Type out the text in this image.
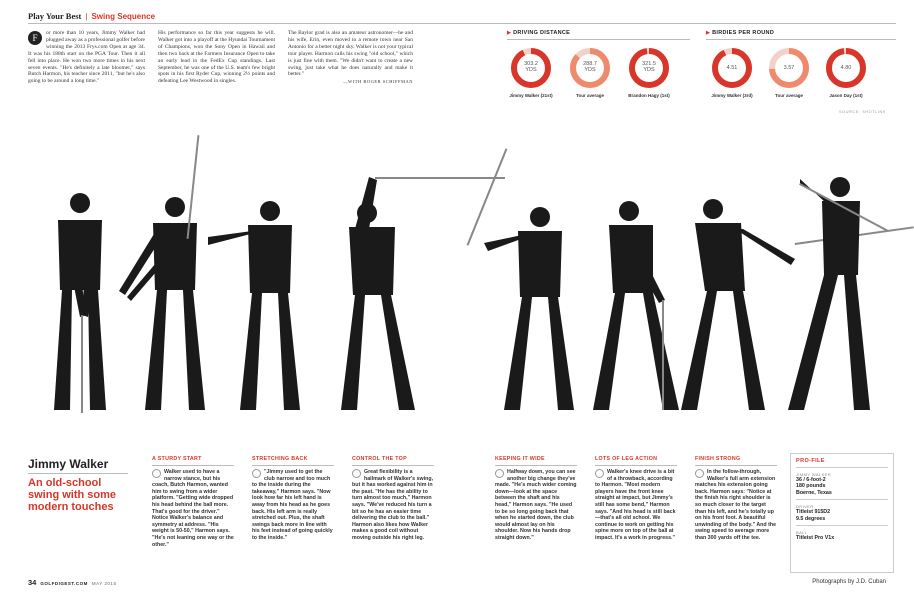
Play Your Best | Swing Sequence
F	or more than 10 years, Jimmy Walker had plugged away as a professional golfer before winning the 2013 Frys.com Open at age 34. It was his 188th start on the PGA Tour. Then it all fell into place. He won two more times in his next seven events. "He's definitely a late bloomer," says Butch Harmon, his teacher since 2011, "but he's also going to be around a long time."
His performance so far this year suggests he will. Walker got into a playoff at the Hyundai Tournament of Champions, won the Sony Open in Hawaii and then two back at the Farmers Insurance Open to take an early lead in the FedEx Cup standings. Last September, he was one of the U.S. team's few bright spots in his first Ryder Cup, winning 2½ points and defeating Lee Westwood in singles.
The Baylor grad is also an amateur astronomer—he and his wife, Erin, even moved to a remote town near San Antonio for a better night sky. Walker is not your typical tour player. Harmon calls his swing "old school," which is just fine with them. "We didn't want to create a new swing, just take what he does naturally and make it better."
—WITH ROGER SCHIFFMAN
▶ DRIVING DISTANCE
303.2
YDS
Jimmy Walker (21st)
288.7
YDS
Tour average
321.5
YDS
Brandon Hagy (1st)
▶ BIRDIES PER ROUND
4.51
Jimmy Walker (3rd)
3.57
Tour average
4.80
Jason Day (1st)
SOURCE: SHOTLINK
Jimmy Walker
An old-school swing with some modern touches
A STURDY START
Walker used to have a narrow stance, but his coach, Butch Harmon, wanted him to swing from a wider platform. "Getting wide dropped his head behind the ball more. That's good for the driver." Notice Walker's balance and symmetry at address. "His weight is 50-50," Harmon says. "He's not leaning one way or the other."
STRETCHING BACK
"Jimmy used to get the club narrow and too much to the inside during the takeaway," Harmon says. "Now look how far his left hand is away from his head as he goes back. His left arm is really stretched out. Plus, the shaft swings back more in line with his feet instead of going quickly to the inside."
CONTROL THE TOP
Great flexibility is a hallmark of Walker's swing, but it has worked against him in the past. "He has the ability to turn almost too much," Harmon says. "We've reduced his turn a bit so he has an easier time delivering the club to the ball." Harmon also likes how Walker makes a good coil without moving outside his right leg.
KEEPING IT WIDE
Halfway down, you can see another big change they've made. "He's much wider coming down—look at the space between the shaft and his head," Harmon says. "He used to be so long going back that when he started down, the club would almost lay on his shoulder. Now his hands drop straight down."
LOTS OF LEG ACTION
Walker's knee drive is a bit of a throwback, according to Harmon. "Most modern players have the front knee straight at impact, but Jimmy's still has some bend," Harmon says. "And his head is still back—that's all old school. We continue to work on getting his spine more on top of the ball at impact. It's a work in progress."
FINISH STRONG
In the follow-through, Walker's full arm extension matches his extension going back. Harmon says: "Notice at the finish his right shoulder is so much closer to the target than his left, and he's totally up on his front foot. A beautiful unwinding of the body." And the swing speed to average more than 300 yards off the tee.
PRO-FILE
JIMMY WALKER
36 / 6-foot-2
180 pounds
Boerne, Texas
DRIVER
Titleist 915D2
9.5 degrees
BALL
Titleist Pro V1x
34 GOLFDIGEST.COM MAY 2015	Photographs by J.D. Cuban
